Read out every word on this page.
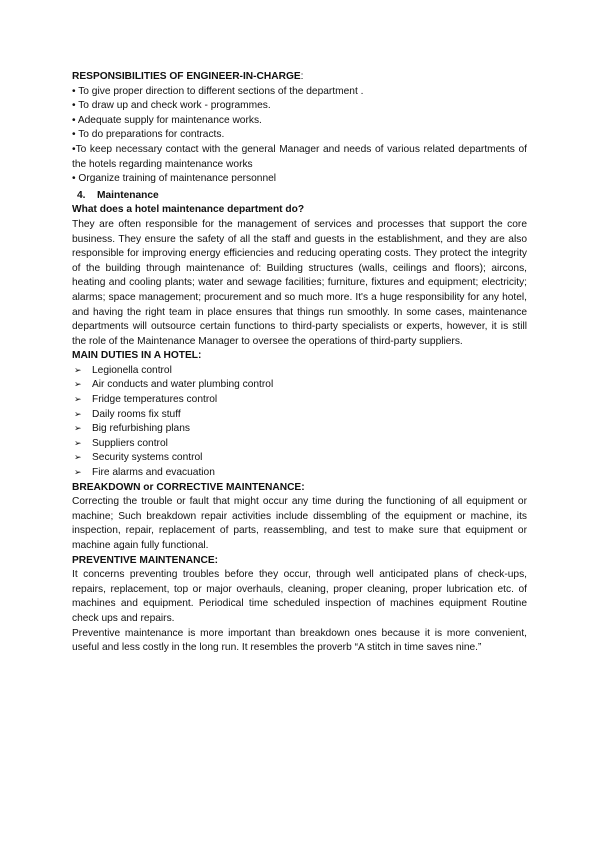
RESPONSIBILITIES OF ENGINEER-IN-CHARGE:

• To give proper direction to different sections of the department .
• To draw up and check work - programmes.
• Adequate supply for maintenance works.
• To do preparations for contracts.
•To keep necessary contact with the general Manager and needs of various related departments of the hotels regarding maintenance works
• Organize training of maintenance personnel
4.	Maintenance

What does a hotel maintenance department do?

They are often responsible for the management of services and processes that support the core business. They ensure the safety of all the staff and guests in the establishment, and they are also responsible for improving energy efficiencies and reducing operating costs. They protect the integrity of the building through maintenance of: Building structures (walls, ceilings and floors); aircons, heating and cooling plants; water and sewage facilities; furniture, fixtures and equipment; electricity; alarms; space management; procurement and so much more. It's a huge responsibility for any hotel, and having the right team in place ensures that things run smoothly. In some cases, maintenance departments will outsource certain functions to third-party specialists or experts, however, it is still the role of the Maintenance Manager to oversee the operations of third-party suppliers.

MAIN DUTIES IN A HOTEL:

➢	Legionella control
➢	Air conducts and water plumbing control
➢	Fridge temperatures control
➢	Daily rooms fix stuff
➢	Big refurbishing plans
➢	Suppliers control
➢	Security systems control
➢	Fire alarms and evacuation

BREAKDOWN or CORRECTIVE MAINTENANCE:

Correcting the trouble or fault that might occur any time during the functioning of all equipment or machine; Such breakdown repair activities include dissembling of the equipment or machine, its inspection, repair, replacement of parts, reassembling, and test to make sure that equipment or machine again fully functional.

PREVENTIVE MAINTENANCE:

It concerns preventing troubles before they occur, through well anticipated plans of check-ups, repairs, replacement, top or major overhauls, cleaning, proper cleaning, proper lubrication etc. of machines and equipment. Periodical time scheduled inspection of machines equipment Routine check ups and repairs.

Preventive maintenance is more important than breakdown ones because it is more convenient, useful and less costly in the long run. It resembles the proverb “A stitch in time saves nine.”
